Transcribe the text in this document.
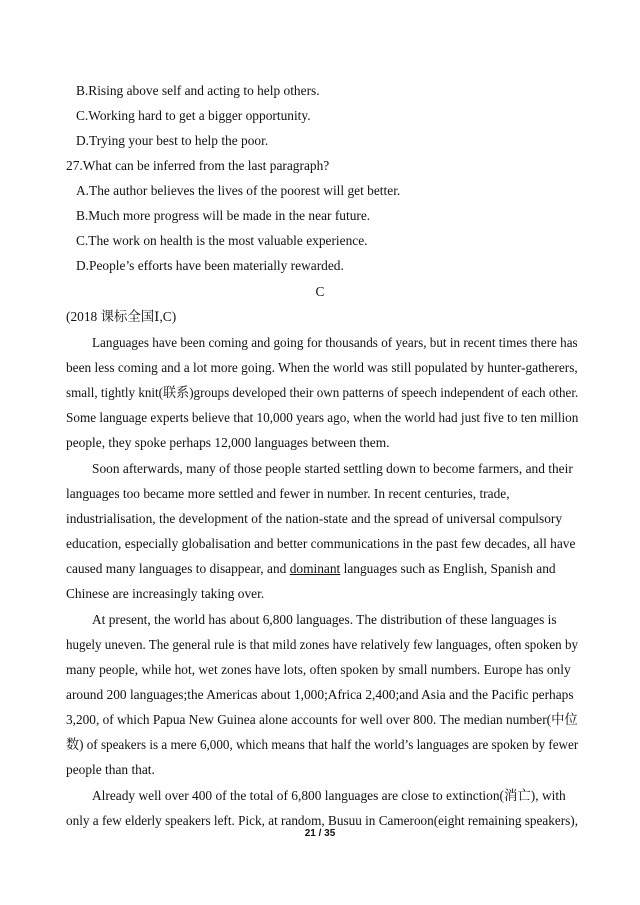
B.Rising above self and acting to help others.
C.Working hard to get a bigger opportunity.
D.Trying your best to help the poor.
27.What can be inferred from the last paragraph?
A.The author believes the lives of the poorest will get better.
B.Much more progress will be made in the near future.
C.The work on health is the most valuable experience.
D.People’s efforts have been materially rewarded.
C
(2018 课标全国Ⅰ,C)
Languages have been coming and going for thousands of years, but in recent times there has
been less coming and a lot more going. When the world was still populated by hunter-gatherers,
small, tightly knit(联系)groups developed their own patterns of speech independent of each other.
Some language experts believe that 10,000 years ago, when the world had just five to ten million
people, they spoke perhaps 12,000 languages between them.
Soon afterwards, many of those people started settling down to become farmers, and their
languages too became more settled and fewer in number. In recent centuries, trade,
industrialisation, the development of the nation-state and the spread of universal compulsory
education, especially globalisation and better communications in the past few decades, all have
caused many languages to disappear, and dominant languages such as English, Spanish and
Chinese are increasingly taking over.
At present, the world has about 6,800 languages. The distribution of these languages is
hugely uneven. The general rule is that mild zones have relatively few languages, often spoken by
many people, while hot, wet zones have lots, often spoken by small numbers. Europe has only
around 200 languages;the Americas about 1,000;Africa 2,400;and Asia and the Pacific perhaps
3,200, of which Papua New Guinea alone accounts for well over 800. The median number(中位
数) of speakers is a mere 6,000, which means that half the world’s languages are spoken by fewer
people than that.
Already well over 400 of the total of 6,800 languages are close to extinction(消亡), with
only a few elderly speakers left. Pick, at random, Busuu in Cameroon(eight remaining speakers),
21 / 35
